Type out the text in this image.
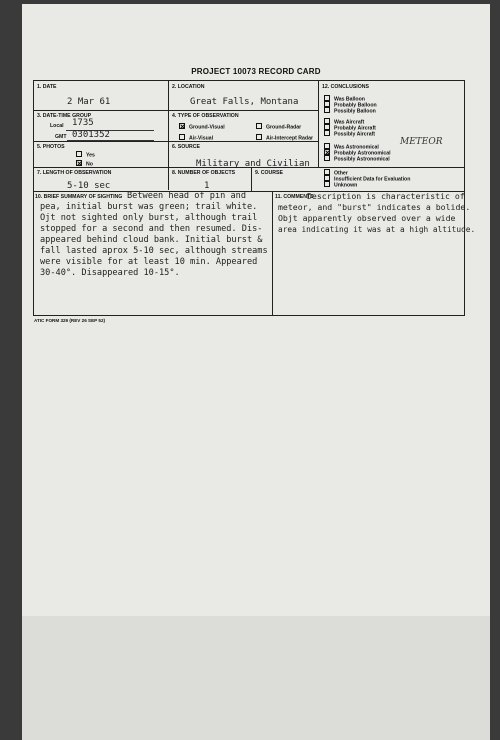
PROJECT 10073 RECORD CARD
1. DATE
2 Mar 61
2. LOCATION
Great Falls, Montana
3. DATE-TIME GROUP
Local 1735
GMT 0301352
4. TYPE OF OBSERVATION
Ground-Visual	Ground-Radar
Air-Visual	Air-Intercept Radar
5. PHOTOS
Yes
No
6. SOURCE
Military and Civilian
7. LENGTH OF OBSERVATION
5-10 sec
8. NUMBER OF OBJECTS
1
9. COURSE
10. BRIEF SUMMARY OF SIGHTING Between head of pin and
pea, initial burst was green; trail white.
Ojt not sighted only burst, although trail
stopped for a second and then resumed. Dis-
appeared behind cloud bank. Initial burst &
fall lasted aprox 5-10 sec, although streams
were visible for at least 10 min. Appeared
30-40°. Disappeared 10-15°.
11. COMMENTS
Description is characteristic of
meteor, and "burst" indicates a bolide.
Objt apparently observed over a wide
area indicating it was at a high altitude.
12. CONCLUSIONS
Was Balloon
Probably Balloon
Possibly Balloon
Was Aircraft
Probably Aircraft
Possibly Aircraft
Was Astronomical
METEOR
Probably Astronomical
Possibly Astronomical
Other
Insufficient Data for Evaluation
Unknown
ATIC FORM 329 (REV 26 SEP 52)
